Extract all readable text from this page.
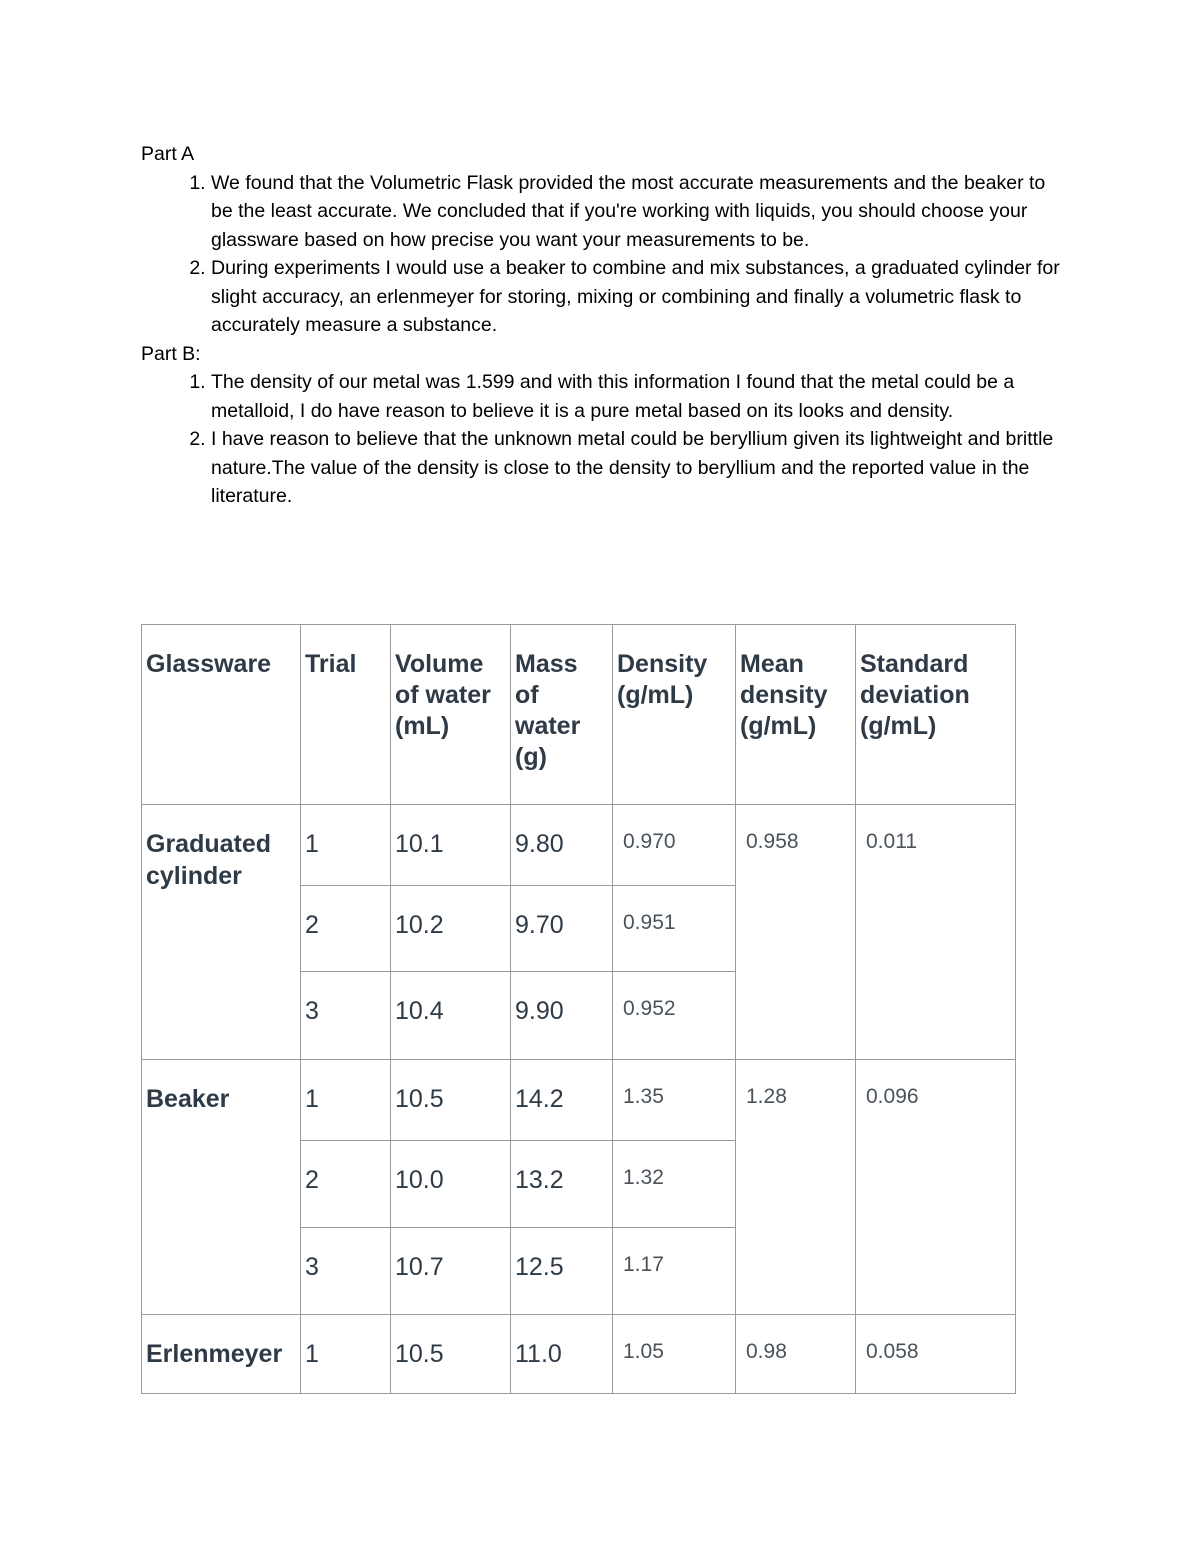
Part A

1. We found that the Volumetric Flask provided the most accurate measurements and the beaker to be the least accurate. We concluded that if you're working with liquids, you should choose your glassware based on how precise you want your measurements to be.
2. During experiments I would use a beaker to combine and mix substances, a graduated cylinder for slight accuracy, an erlenmeyer for storing, mixing or combining and finally a volumetric flask to accurately measure a substance.

Part B:

1. The density of our metal was 1.599 and with this information I found that the metal could be a metalloid, I do have reason to believe it is a pure metal based on its looks and density.
2. I have reason to believe that the unknown metal could be beryllium given its lightweight and brittle nature.The value of the density is close to the density to beryllium and the reported value in the literature.
Glassware	Trial	Volume of water (mL)	Mass of water (g)	Density (g/mL)	Mean density (g/mL)	Standard deviation (g/mL)
Graduated cylinder	1	10.1	9.80	0.970	0.958	0.011
	2	10.2	9.70	0.951		
	3	10.4	9.90	0.952		
Beaker	1	10.5	14.2	1.35	1.28	0.096
	2	10.0	13.2	1.32		
	3	10.7	12.5	1.17		
Erlenmeyer	1	10.5	11.0	1.05	0.98	0.058
